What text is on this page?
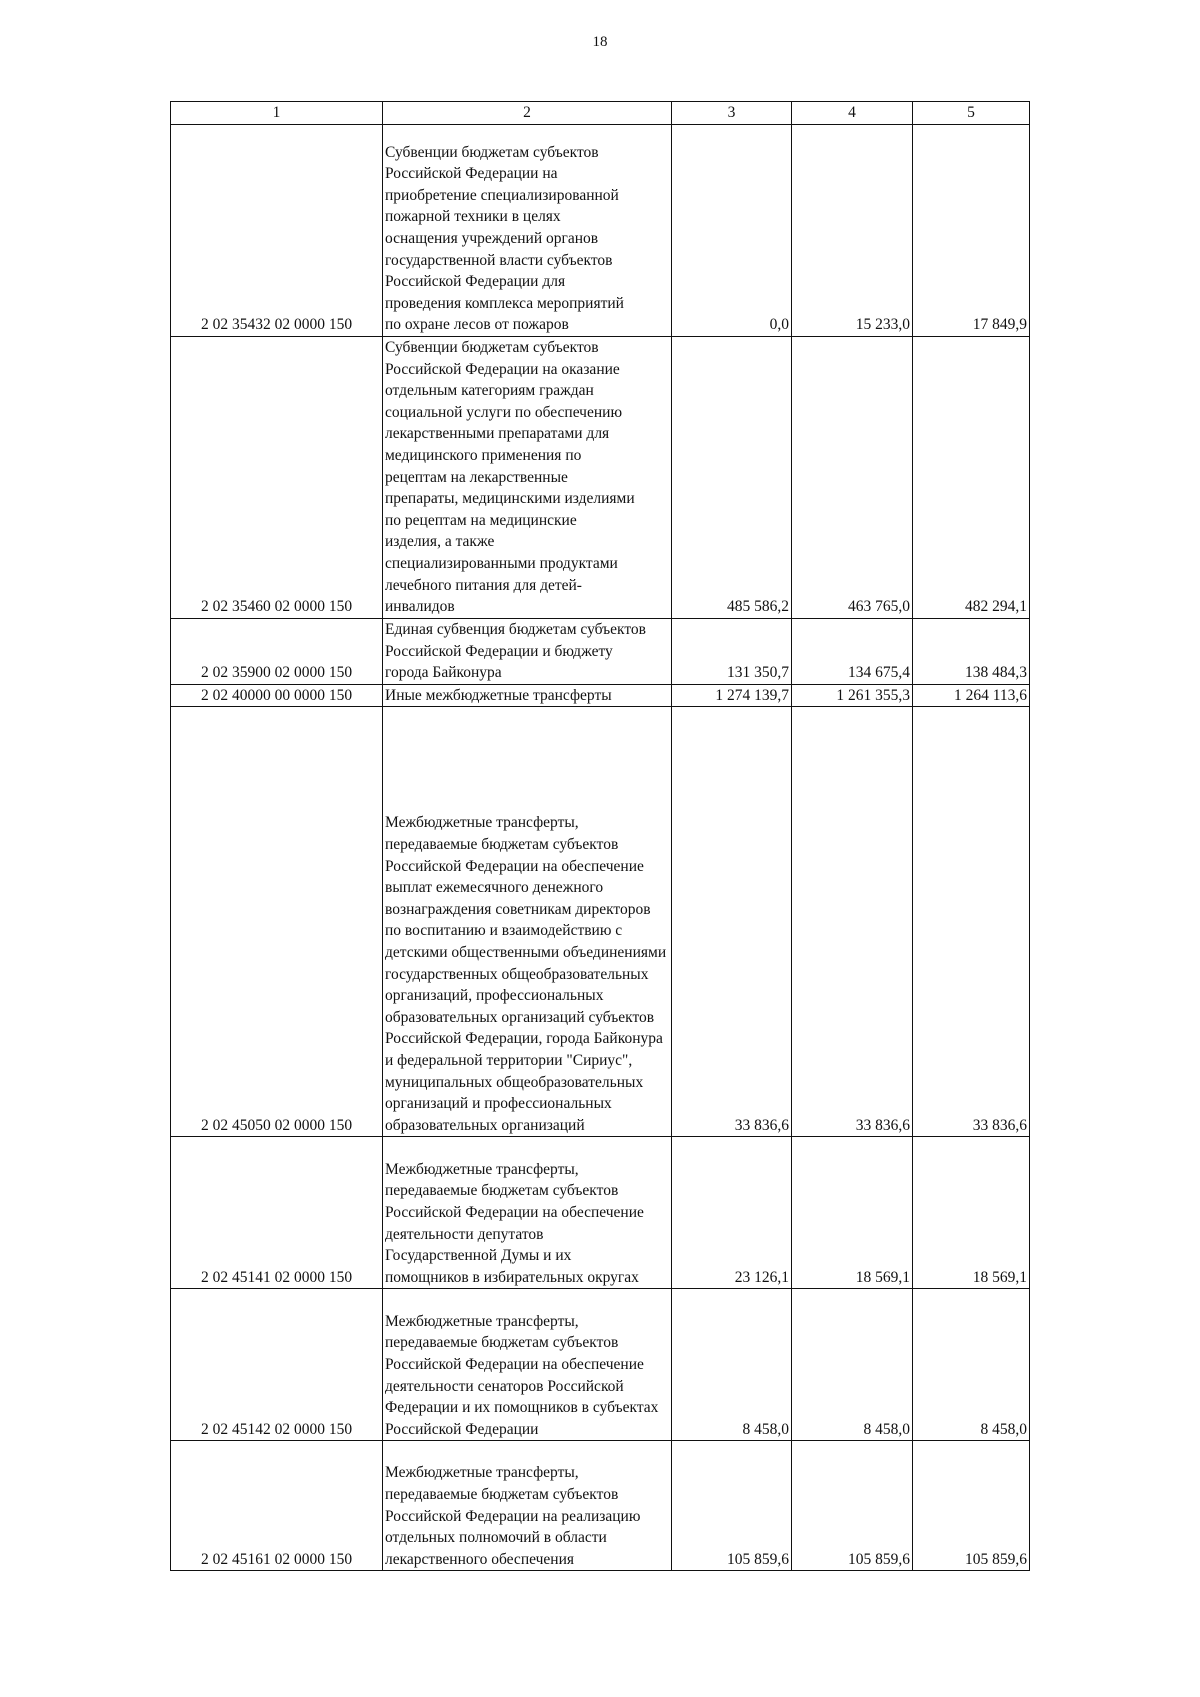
18
1	2	3	4	5
2 02 35432 02 0000 150	Субвенции бюджетам субъектов Российской Федерации на приобретение специализированной пожарной техники в целях оснащения учреждений органов государственной власти субъектов Российской Федерации для проведения комплекса мероприятий по охране лесов от пожаров	0,0	15 233,0	17 849,9
2 02 35460 02 0000 150	Субвенции бюджетам субъектов Российской Федерации на оказание отдельным категориям граждан социальной услуги по обеспечению лекарственными препаратами для медицинского применения по рецептам на лекарственные препараты, медицинскими изделиями по рецептам на медицинские изделия, а также специализированными продуктами лечебного питания для детей-инвалидов	485 586,2	463 765,0	482 294,1
2 02 35900 02 0000 150	Единая субвенция бюджетам субъектов Российской Федерации и бюджету города Байконура	131 350,7	134 675,4	138 484,3
2 02 40000 00 0000 150	Иные межбюджетные трансферты	1 274 139,7	1 261 355,3	1 264 113,6
2 02 45050 02 0000 150	Межбюджетные трансферты, передаваемые бюджетам субъектов Российской Федерации на обеспечение выплат ежемесячного денежного вознаграждения советникам директоров по воспитанию и взаимодействию с детскими общественными объединениями государственных общеобразовательных организаций, профессиональных образовательных организаций субъектов Российской Федерации, города Байконура и федеральной территории "Сириус", муниципальных общеобразовательных организаций и профессиональных образовательных организаций	33 836,6	33 836,6	33 836,6
2 02 45141 02 0000 150	Межбюджетные трансферты, передаваемые бюджетам субъектов Российской Федерации на обеспечение деятельности депутатов Государственной Думы и их помощников в избирательных округах	23 126,1	18 569,1	18 569,1
2 02 45142 02 0000 150	Межбюджетные трансферты, передаваемые бюджетам субъектов Российской Федерации на обеспечение деятельности сенаторов Российской Федерации и их помощников в субъектах Российской Федерации	8 458,0	8 458,0	8 458,0
2 02 45161 02 0000 150	Межбюджетные трансферты, передаваемые бюджетам субъектов Российской Федерации на реализацию отдельных полномочий в области лекарственного обеспечения	105 859,6	105 859,6	105 859,6
